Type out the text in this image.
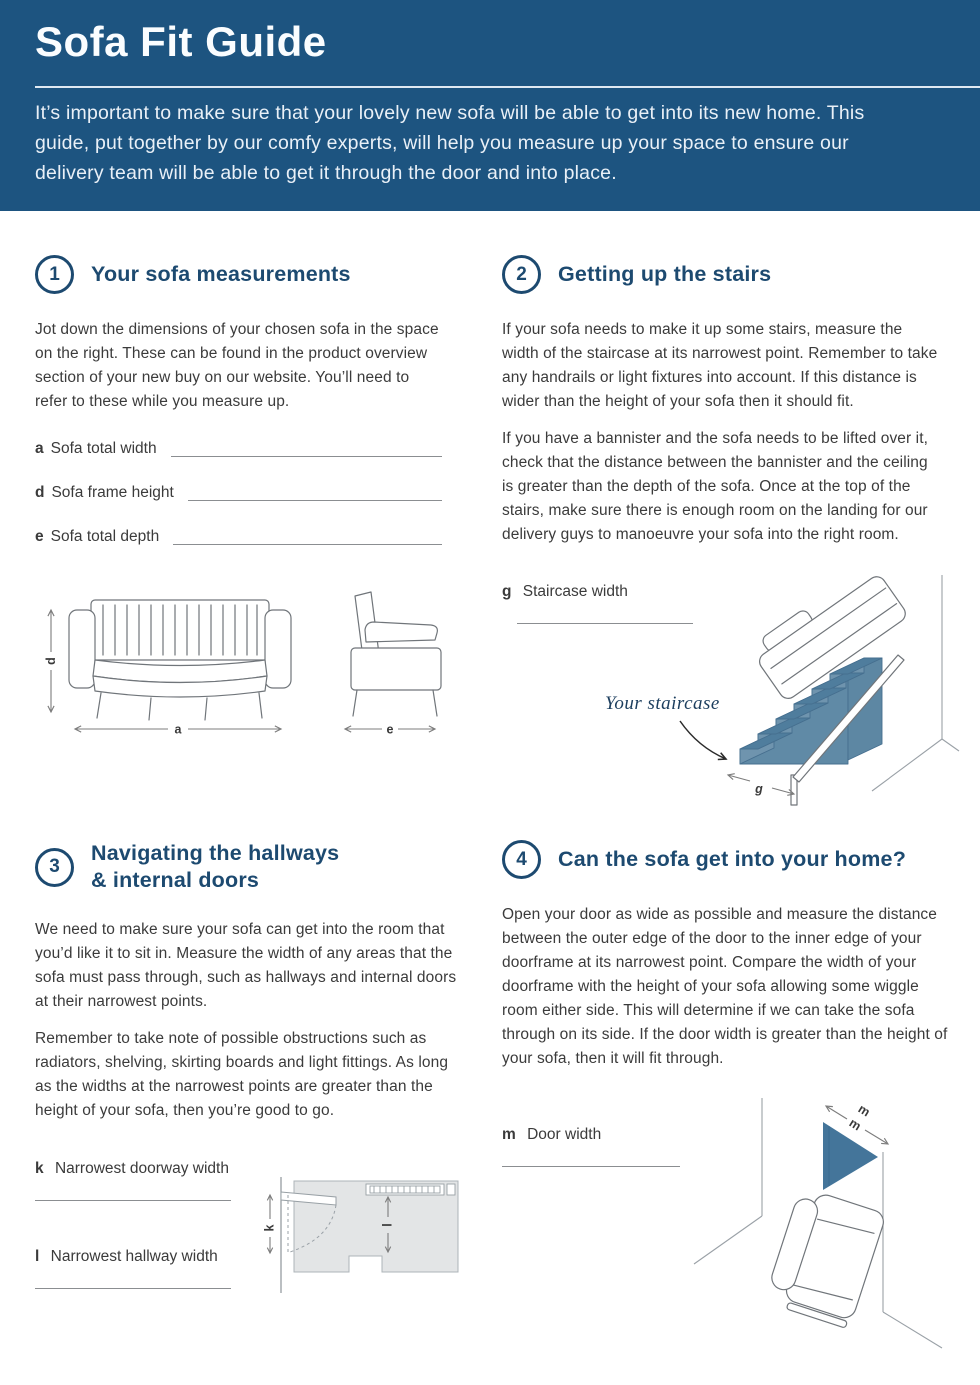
Sofa Fit Guide

It’s important to make sure that your lovely new sofa will be able to get into its new home. This guide, put together by our comfy experts, will help you measure up your space to ensure our delivery team will be able to get it through the door and into place.

1	Your sofa measurements

Jot down the dimensions of your chosen sofa in the space on the right. These can be found in the product overview section of your new buy on our website. You’ll need to refer to these while you measure up.

a Sofa total width
d Sofa frame height
e Sofa total depth
d
a	e
2	Getting up the stairs

If your sofa needs to make it up some stairs, measure the width of the staircase at its narrowest point. Remember to take any handrails or light fixtures into account. If this distance is wider than the height of your sofa then it should fit.

If you have a bannister and the sofa needs to be lifted over it, check that the distance between the bannister and the ceiling is greater than the depth of the sofa. Once at the top of the stairs, make sure there is enough room on the landing for our delivery guys to manoeuvre your sofa into the right room.

g Staircase width
Your staircase
g
3
Navigating the hallways
& internal doors

We need to make sure your sofa can get into the room that you’d like it to sit in. Measure the width of any areas that the sofa must pass through, such as hallways and internal doors at their narrowest points.

Remember to take note of possible obstructions such as radiators, shelving, skirting boards and light fittings. As long as the widths at the narrowest points are greater than the height of your sofa, then you’re good to go.

k Narrowest doorway width
l Narrowest hallway width
k	l
4	Can the sofa get into your home?

Open your door as wide as possible and measure the distance between the outer edge of the door to the inner edge of your doorframe at its narrowest point. Compare the width of your doorframe with the height of your sofa allowing some wiggle room either side. This will determine if we can take the sofa through on its side. If the door width is greater than the height of your sofa, then it will fit through.

m Door width
m
m
